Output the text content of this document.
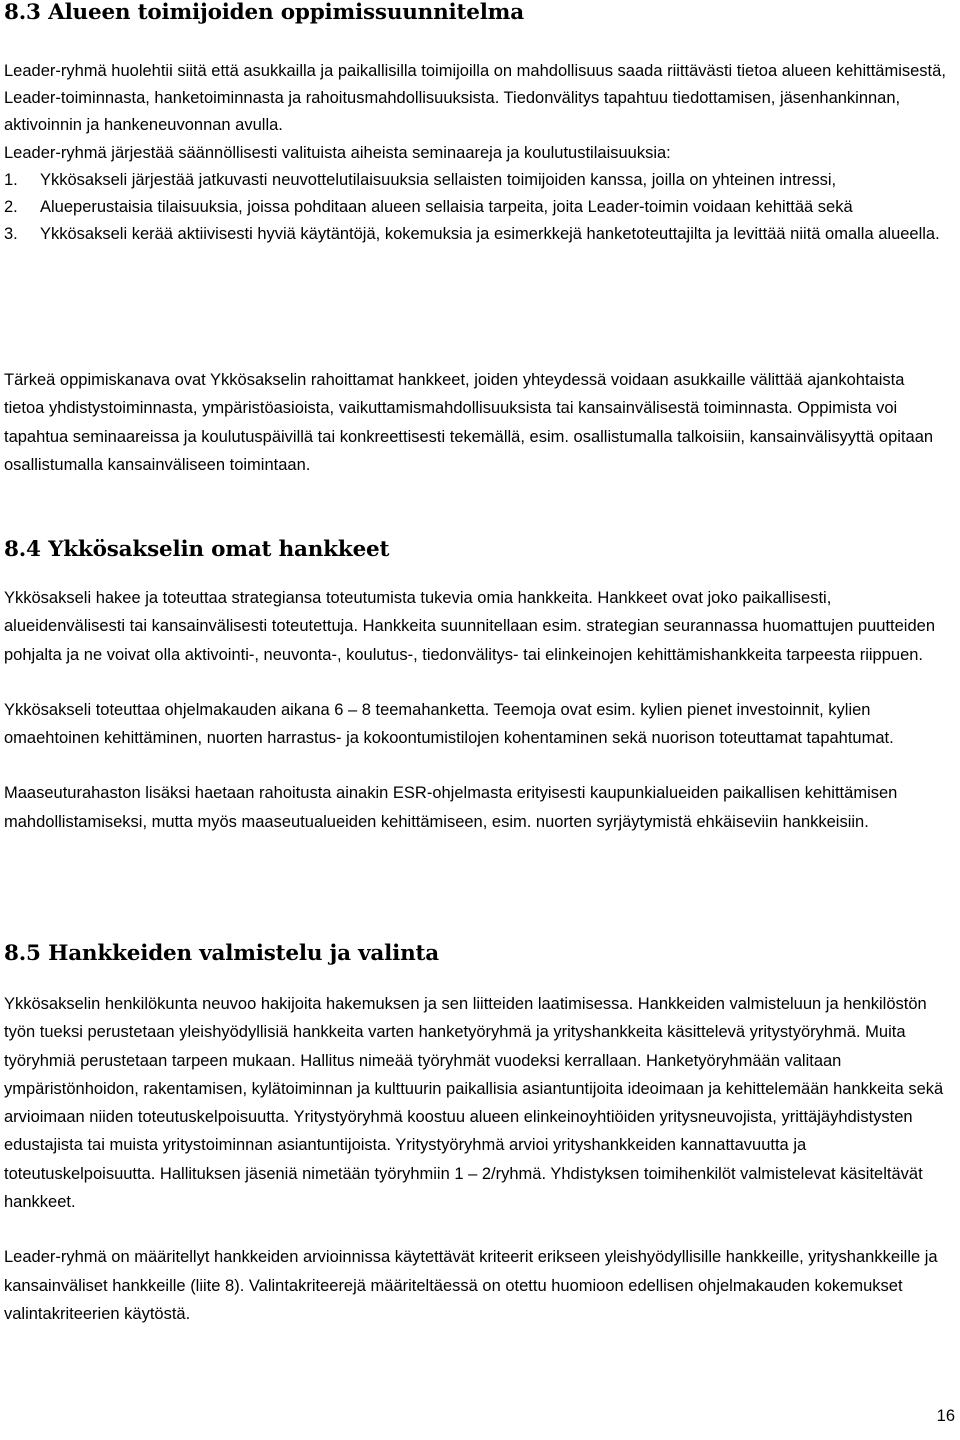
8.3 Alueen toimijoiden oppimissuunnitelma

Leader-ryhmä huolehtii siitä että asukkailla ja paikallisilla toimijoilla on mahdollisuus saada riittävästi tietoa alueen kehittämisestä, Leader-toiminnasta, hanketoiminnasta ja rahoitusmahdollisuuksista. Tiedonvälitys tapahtuu tiedottamisen, jäsenhankinnan, aktivoinnin ja hankeneuvonnan avulla.

Leader-ryhmä järjestää säännöllisesti valituista aiheista seminaareja ja koulutustilaisuuksia:

1.	Ykkösakseli järjestää jatkuvasti neuvottelutilaisuuksia sellaisten toimijoiden kanssa, joilla on yhteinen intressi,
2.	Alueperustaisia tilaisuuksia, joissa pohditaan alueen sellaisia tarpeita, joita Leader-toimin voidaan kehittää sekä
3.	Ykkösakseli kerää aktiivisesti hyviä käytäntöjä, kokemuksia ja esimerkkejä hanketoteuttajilta ja levittää niitä omalla alueella.

Tärkeä oppimiskanava ovat Ykkösakselin rahoittamat hankkeet, joiden yhteydessä voidaan asukkaille välittää ajankohtaista tietoa yhdistystoiminnasta, ympäristöasioista, vaikuttamismahdollisuuksista tai kansainvälisestä toiminnasta. Oppimista voi tapahtua seminaareissa ja koulutuspäivillä tai konkreettisesti tekemällä, esim. osallistumalla talkoisiin, kansainvälisyyttä opitaan osallistumalla kansainväliseen toimintaan.

8.4 Ykkösakselin omat hankkeet

Ykkösakseli hakee ja toteuttaa strategiansa toteutumista tukevia omia hankkeita. Hankkeet ovat joko paikallisesti, alueidenvälisesti tai kansainvälisesti toteutettuja. Hankkeita suunnitellaan esim. strategian seurannassa huomattujen puutteiden pohjalta ja ne voivat olla aktivointi-, neuvonta-, koulutus-, tiedonvälitys- tai elinkeinojen kehittämishankkeita tarpeesta riippuen.

Ykkösakseli toteuttaa ohjelmakauden aikana 6 – 8 teemahanketta. Teemoja ovat esim. kylien pienet investoinnit, kylien omaehtoinen kehittäminen, nuorten harrastus- ja kokoontumistilojen kohentaminen sekä nuorison toteuttamat tapahtumat.

Maaseuturahaston lisäksi haetaan rahoitusta ainakin ESR-ohjelmasta erityisesti kaupunkialueiden paikallisen kehittämisen mahdollistamiseksi, mutta myös maaseutualueiden kehittämiseen, esim. nuorten syrjäytymistä ehkäiseviin hankkeisiin.

8.5 Hankkeiden valmistelu ja valinta

Ykkösakselin henkilökunta neuvoo hakijoita hakemuksen ja sen liitteiden laatimisessa. Hankkeiden valmisteluun ja henkilöstön työn tueksi perustetaan yleishyödyllisiä hankkeita varten hanketyöryhmä ja yrityshankkeita käsittelevä yritystyöryhmä. Muita työryhmiä perustetaan tarpeen mukaan. Hallitus nimeää työryhmät vuodeksi kerrallaan. Hanketyöryhmään valitaan ympäristönhoidon, rakentamisen, kylätoiminnan ja kulttuurin paikallisia asiantuntijoita ideoimaan ja kehittelemään hankkeita sekä arvioimaan niiden toteutuskelpoisuutta. Yritystyöryhmä koostuu alueen elinkeinoyhtiöiden yritysneuvojista, yrittäjäyhdistysten edustajista tai muista yritystoiminnan asiantuntijoista. Yritystyöryhmä arvioi yrityshankkeiden kannattavuutta ja toteutuskelpoisuutta. Hallituksen jäseniä nimetään työryhmiin 1 – 2/ryhmä. Yhdistyksen toimihenkilöt valmistelevat käsiteltävät hankkeet.

Leader-ryhmä on määritellyt hankkeiden arvioinnissa käytettävät kriteerit erikseen yleishyödyllisille hankkeille, yrityshankkeille ja kansainväliset hankkeille (liite 8). Valintakriteerejä määriteltäessä on otettu huomioon edellisen ohjelmakauden kokemukset valintakriteerien käytöstä.

16
